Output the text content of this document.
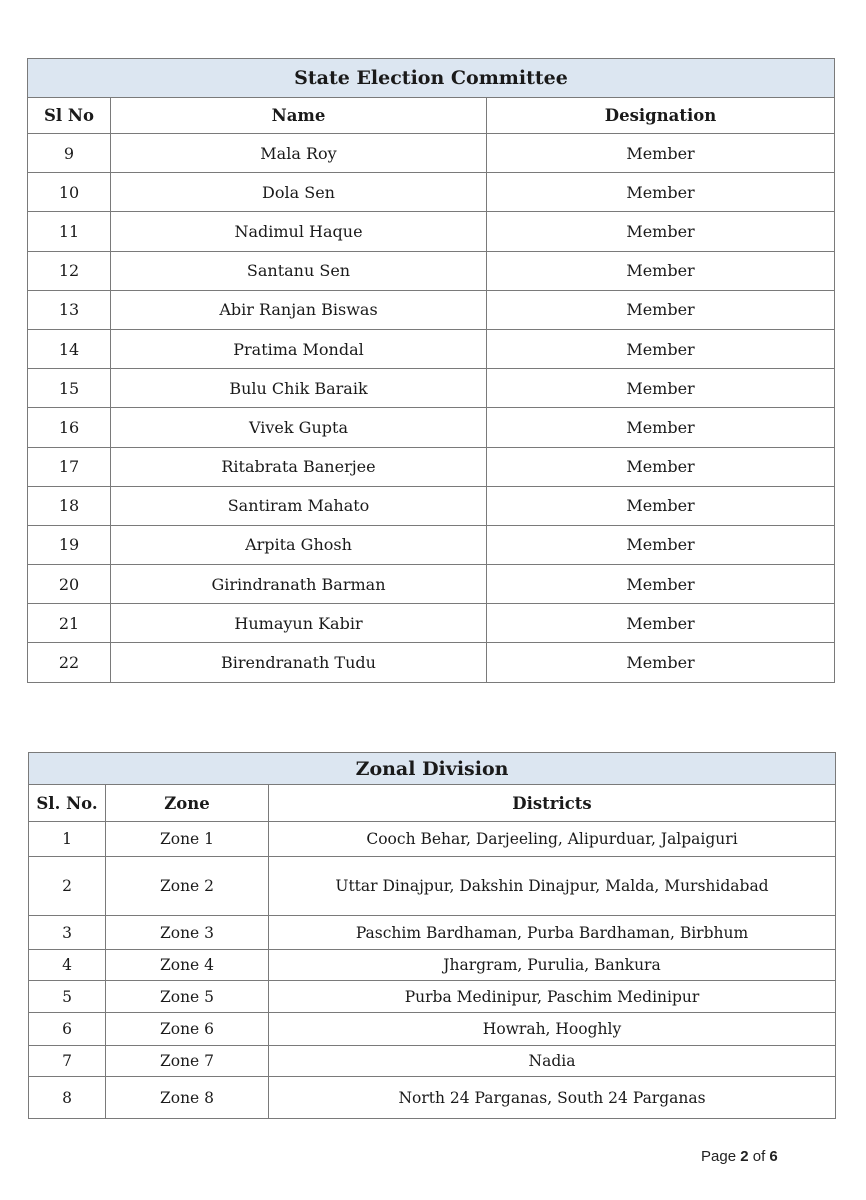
State Election Committee		
Sl No	Name	Designation
9	Mala Roy	Member
10	Dola Sen	Member
11	Nadimul Haque	Member
12	Santanu Sen	Member
13	Abir Ranjan Biswas	Member
14	Pratima Mondal	Member
15	Bulu Chik Baraik	Member
16	Vivek Gupta	Member
17	Ritabrata Banerjee	Member
18	Santiram Mahato	Member
19	Arpita Ghosh	Member
20	Girindranath Barman	Member
21	Humayun Kabir	Member
22	Birendranath Tudu	Member
Zonal Division		
Sl. No.	Zone	Districts
1	Zone 1	Cooch Behar, Darjeeling, Alipurduar, Jalpaiguri
2	Zone 2	Uttar Dinajpur, Dakshin Dinajpur, Malda, Murshidabad
3	Zone 3	Paschim Bardhaman, Purba Bardhaman, Birbhum
4	Zone 4	Jhargram, Purulia, Bankura
5	Zone 5	Purba Medinipur, Paschim Medinipur
6	Zone 6	Howrah, Hooghly
7	Zone 7	Nadia
8	Zone 8	North 24 Parganas, South 24 Parganas
Page 2 of 6
